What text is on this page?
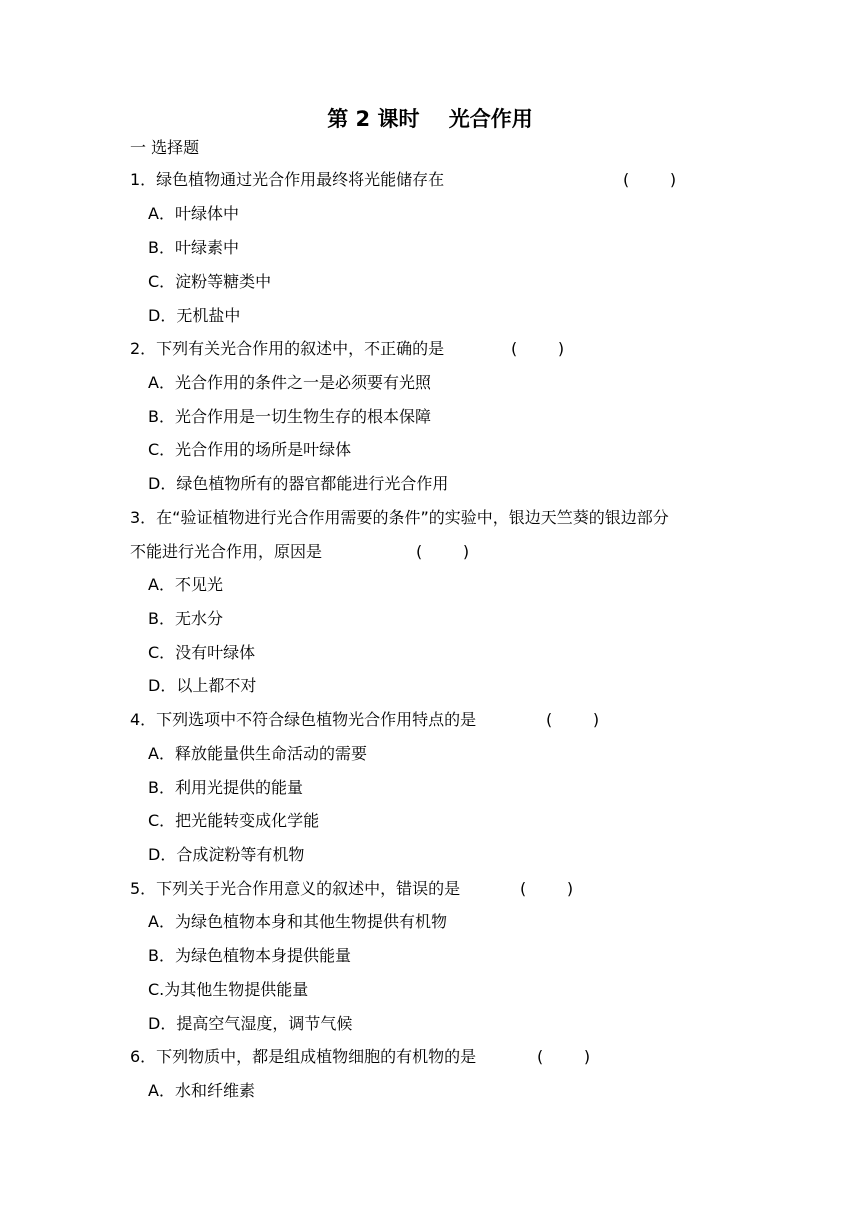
第 2 课时    光合作用
一 选择题
1．绿色植物通过光合作用最终将光能储存在	(        )
A．叶绿体中
B．叶绿素中
C．淀粉等糖类中
D．无机盐中
2．下列有关光合作用的叙述中，不正确的是	(        )
A．光合作用的条件之一是必须要有光照
B．光合作用是一切生物生存的根本保障
C．光合作用的场所是叶绿体
D．绿色植物所有的器官都能进行光合作用
3．在“验证植物进行光合作用需要的条件”的实验中，银边天竺葵的银边部分
不能进行光合作用，原因是	(        )
A．不见光
B．无水分
C．没有叶绿体
D．以上都不对
4．下列选项中不符合绿色植物光合作用特点的是	(        )
A．释放能量供生命活动的需要
B．利用光提供的能量
C．把光能转变成化学能
D．合成淀粉等有机物
5．下列关于光合作用意义的叙述中，错误的是	(        )
A．为绿色植物本身和其他生物提供有机物
B．为绿色植物本身提供能量
C.为其他生物提供能量
D．提高空气湿度，调节气候
6．下列物质中，都是组成植物细胞的有机物的是	(        )
A．水和纤维素
